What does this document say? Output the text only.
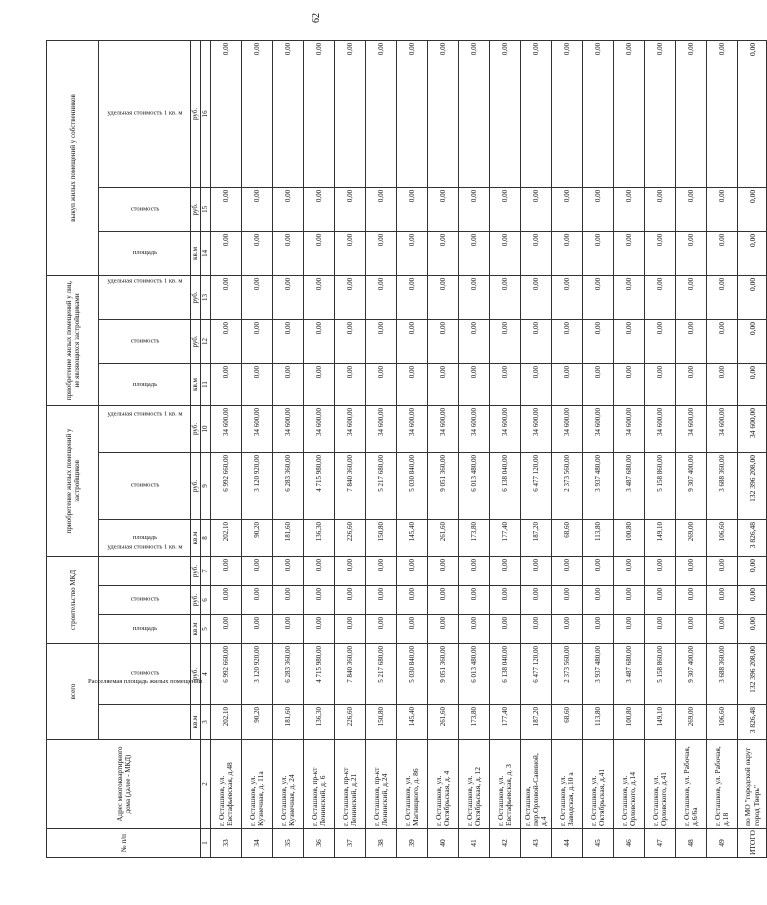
62
№ п/п	Адрес многоквартирного дома (далее - МКД)	всего		строительство МКД			приобретение жилых помещений у застройщиков			приобретение жилых помещений у лиц, не являющихся застройщиками			выкуп жилых помещений у собственников		
		Расселяемая площадь жилых помещений	стоимость	площадь	стоимость	удельная стоимость 1 кв. м	площадь	стоимость	удельная стоимость 1 кв. м	площадь	стоимость	удельная стоимость 1 кв. м	площадь	стоимость	удельная стоимость 1 кв. м
		кв.м	руб.	кв.м	руб.	руб.	кв.м	руб.	руб.	кв.м	руб.	руб.	кв.м	руб.	руб.
1	2	3	4	5	6	7	8	9	10	11	12	13	14	15	16
33	г. Осташков, ул. Евстафьевская, д.48	202,10	6 992 660,00	0,00	0,00	0,00	202,10	6 992 660,00	34 600,00	0,00	0,00	0,00	0,00	0,00	0,00
34	г. Осташков, ул. Кузнечная, д. 11а	90,20	3 120 920,00	0,00	0,00	0,00	90,20	3 120 920,00	34 600,00	0,00	0,00	0,00	0,00	0,00	0,00
35	г. Осташков, ул. Кузнечная, д. 24	181,60	6 283 360,00	0,00	0,00	0,00	181,60	6 283 360,00	34 600,00	0,00	0,00	0,00	0,00	0,00	0,00
36	г. Осташков, пр-кт Ленинский, д. 6	136,30	4 715 980,00	0,00	0,00	0,00	136,30	4 715 980,00	34 600,00	0,00	0,00	0,00	0,00	0,00	0,00
37	г. Осташков, пр-кт Ленинский, д.21	226,60	7 840 360,00	0,00	0,00	0,00	226,60	7 840 360,00	34 600,00	0,00	0,00	0,00	0,00	0,00	0,00
38	г. Осташков, пр-кт Ленинский, д.24	150,80	5 217 680,00	0,00	0,00	0,00	150,80	5 217 680,00	34 600,00	0,00	0,00	0,00	0,00	0,00	0,00
39	г. Осташков, ул. Магницкого, д. 86	145,40	5 030 840,00	0,00	0,00	0,00	145,40	5 030 840,00	34 600,00	0,00	0,00	0,00	0,00	0,00	0,00
40	г. Осташков, ул. Октябрьская, д. 4	261,60	9 051 360,00	0,00	0,00	0,00	261,60	9 051 360,00	34 600,00	0,00	0,00	0,00	0,00	0,00	0,00
41	г. Осташков, ул. Октябрьская, д. 12	173,80	6 013 480,00	0,00	0,00	0,00	173,80	6 013 480,00	34 600,00	0,00	0,00	0,00	0,00	0,00	0,00
42	г. Осташков, ул. Евстафьевская, д. 3	177,40	6 138 040,00	0,00	0,00	0,00	177,40	6 138 040,00	34 600,00	0,00	0,00	0,00	0,00	0,00	0,00
43	г. Осташков, пер.Орловой-Савиной, д.4	187,20	6 477 120,00	0,00	0,00	0,00	187,20	6 477 120,00	34 600,00	0,00	0,00	0,00	0,00	0,00	0,00
44	г. Осташков, ул. Заводская, д.10 а	68,60	2 373 560,00	0,00	0,00	0,00	68,60	2 373 560,00	34 600,00	0,00	0,00	0,00	0,00	0,00	0,00
45	г. Осташков, ул. Октябрьская, д.41	113,80	3 937 480,00	0,00	0,00	0,00	113,80	3 937 480,00	34 600,00	0,00	0,00	0,00	0,00	0,00	0,00
46	г. Осташков, ул. Орловского, д.14	100,80	3 487 680,00	0,00	0,00	0,00	100,80	3 487 680,00	34 600,00	0,00	0,00	0,00	0,00	0,00	0,00
47	г. Осташков, ул. Орловского, д.41	149,10	5 158 860,00	0,00	0,00	0,00	149,10	5 158 860,00	34 600,00	0,00	0,00	0,00	0,00	0,00	0,00
48	г. Осташков, ул. Рабочая, д.6/6а	269,00	9 307 400,00	0,00	0,00	0,00	269,00	9 307 400,00	34 600,00	0,00	0,00	0,00	0,00	0,00	0,00
49	г. Осташков, ул. Рабочая, д.18	106,60	3 688 360,00	0,00	0,00	0,00	106,60	3 688 360,00	34 600,00	0,00	0,00	0,00	0,00	0,00	0,00
ИТОГО	по МО "городской округ город Тверь"	3 826,48	132 396 208,00	0,00	0,00	0,00	3 826,48	132 396 208,00	34 600,00	0,00	0,00	0,00	0,00	0,00	0,00
